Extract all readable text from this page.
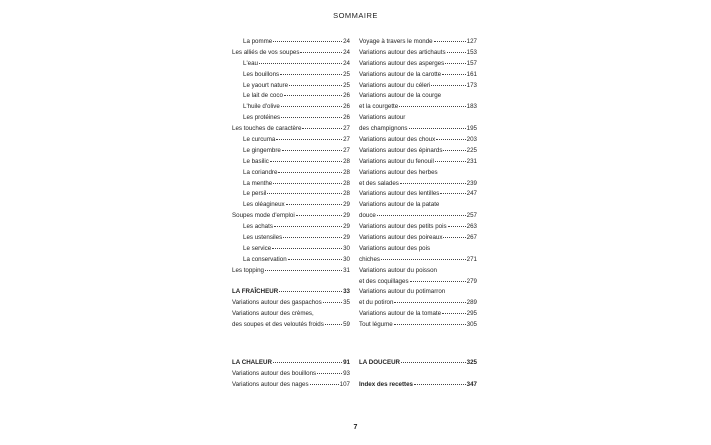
SOMMAIRE
La pomme	24
Les alliés de vos soupes	24
L'eau	24
Les bouillons	25
Le yaourt nature	25
Le lait de coco	26
L'huile d'olive	26
Les protéines	26
Les touches de caractère	27
Le curcuma	27
Le gingembre	27
Le basilic	28
La coriandre	28
La menthe	28
Le persil	28
Les oléagineux	29
Soupes mode d'emploi	29
Les achats	29
Les ustensiles	29
Le service	30
La conservation	30
Les topping	31
LA FRAÎCHEUR	33
Variations autour des gaspachos	35
Variations autour des crèmes,
des soupes et des veloutés froids	59
LA CHALEUR	91
Variations autour des bouillons	93
Variations autour des nages	107
Voyage à travers le monde	127
Variations autour des artichauts	153
Variations autour des asperges	157
Variations autour de la carotte	161
Variations autour du céleri	173
Variations autour de la courge
et la courgette	183
Variations autour
des champignons	195
Variations autour des choux	203
Variations autour des épinards	225
Variations autour du fenouil	231
Variations autour des herbes
et des salades	239
Variations autour des lentilles	247
Variations autour de la patate
douce	257
Variations autour des petits pois	263
Variations autour des poireaux	267
Variations autour des pois
chiches	271
Variations autour du poisson
et des coquillages	279
Variations autour du potimarron
et du potiron	289
Variations autour de la tomate	295
Tout légume	305
LA DOUCEUR	325
Index des recettes	347
7
